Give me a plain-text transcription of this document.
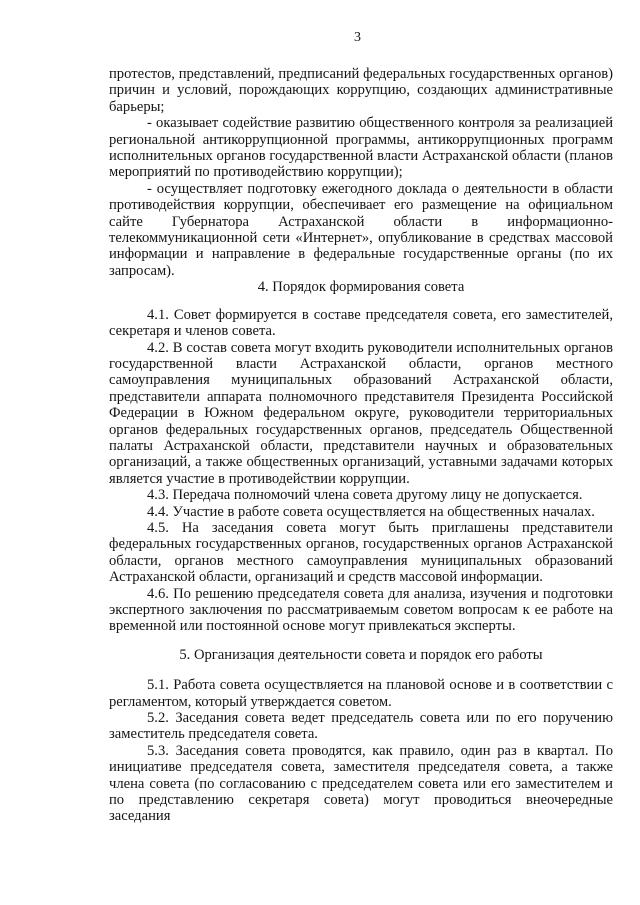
3

протестов, представлений, предписаний федеральных государственных органов) причин и условий, порождающих коррупцию, создающих административные барьеры;

- оказывает содействие развитию общественного контроля за реализацией региональной антикоррупционной программы, антикоррупционных программ исполнительных органов государственной власти Астраханской области (планов мероприятий по противодействию коррупции);

- осуществляет подготовку ежегодного доклада о деятельности в области противодействия коррупции, обеспечивает его размещение на официальном сайте Губернатора Астраханской области в информационно-телекоммуникационной сети «Интернет», опубликование в средствах массовой информации и направление в федеральные государственные органы (по их запросам).

4. Порядок формирования совета

4.1. Совет формируется в составе председателя совета, его заместителей, секретаря и членов совета.

4.2. В состав совета могут входить руководители исполнительных органов государственной власти Астраханской области, органов местного самоуправления муниципальных образований Астраханской области, представители аппарата полномочного представителя Президента Российской Федерации в Южном федеральном округе, руководители территориальных органов федеральных государственных органов, председатель Общественной палаты Астраханской области, представители научных и образовательных организаций, а также общественных организаций, уставными задачами которых является участие в противодействии коррупции.

4.3. Передача полномочий члена совета другому лицу не допускается.

4.4. Участие в работе совета осуществляется на общественных началах.

4.5. На заседания совета могут быть приглашены представители федеральных государственных органов, государственных органов Астраханской области, органов местного самоуправления муниципальных образований Астраханской области, организаций и средств массовой информации.

4.6. По решению председателя совета для анализа, изучения и подготовки экспертного заключения по рассматриваемым советом вопросам к ее работе на временной или постоянной основе могут привлекаться эксперты.

5. Организация деятельности совета и порядок его работы

5.1. Работа совета осуществляется на плановой основе и в соответствии с регламентом, который утверждается советом.

5.2. Заседания совета ведет председатель совета или по его поручению заместитель председателя совета.

5.3. Заседания совета проводятся, как правило, один раз в квартал. По инициативе председателя совета, заместителя председателя совета, а также члена совета (по согласованию с председателем совета или его заместителем и по представлению секретаря совета) могут проводиться внеочередные заседания
